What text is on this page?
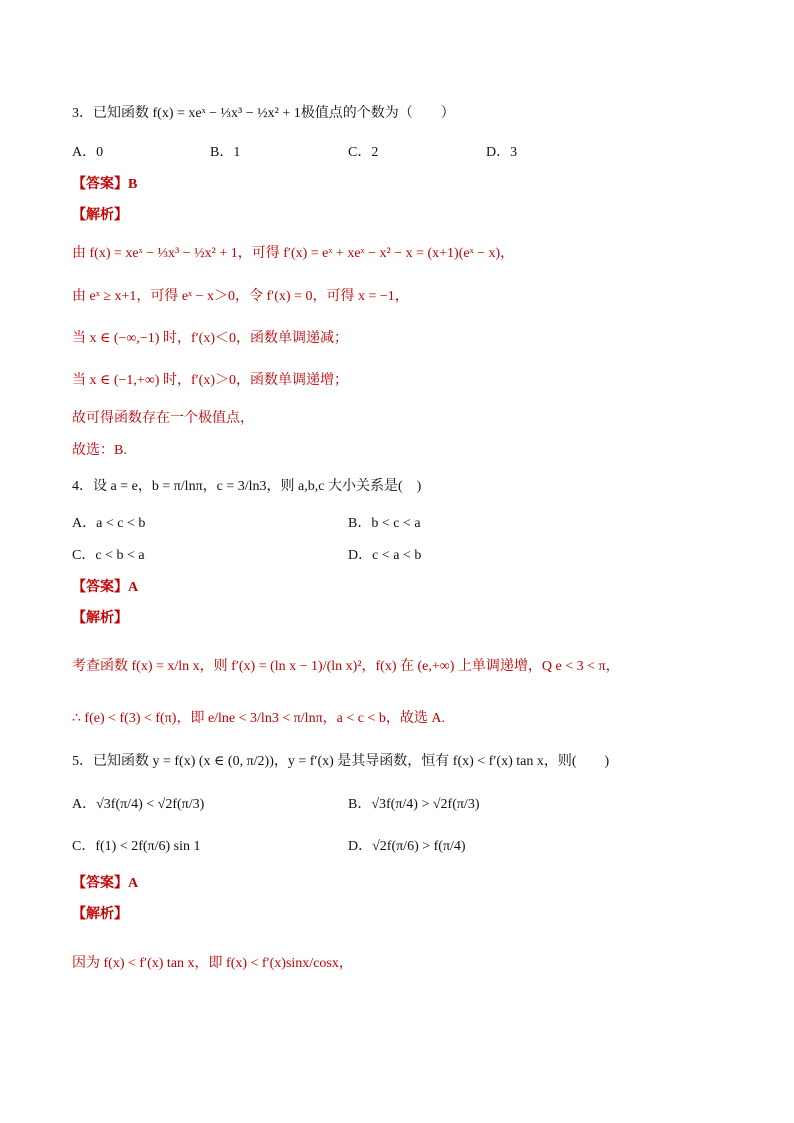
3．已知函数 f(x) = xeˣ − ⅓x³ − ½x² + 1极值点的个数为（　　）
A．0	B．1	C．2	D．3
【答案】B
【解析】
由 f(x) = xeˣ − ⅓x³ − ½x² + 1，可得 f′(x) = eˣ + xeˣ − x² − x = (x+1)(eˣ − x)，
由 eˣ ≥ x+1，可得 eˣ − x＞0，令 f′(x) = 0，可得 x = −1，
当 x ∈ (−∞,−1) 时，f′(x)＜0，函数单调递减；
当 x ∈ (−1,+∞) 时，f′(x)＞0，函数单调递增；
故可得函数存在一个极值点，
故选：B.
4．设 a = e，b = π/lnπ，c = 3/ln3，则 a,b,c 大小关系是(　)
A．a < c < b	B．b < c < a
C．c < b < a	D．c < a < b
【答案】A
【解析】
考查函数 f(x) = x/ln x，则 f′(x) = (ln x − 1)/(ln x)²，f(x) 在 (e,+∞) 上单调递增，Q e < 3 < π，
∴ f(e) < f(3) < f(π)，即 e/lne < 3/ln3 < π/lnπ，a < c < b，故选 A.
5．已知函数 y = f(x) (x ∈ (0, π/2))，y = f′(x) 是其导函数，恒有 f(x) < f′(x) tan x，则(　　)
A．√3f(π/4) < √2f(π/3)	B．√3f(π/4) > √2f(π/3)
C．f(1) < 2f(π/6) sin 1	D．√2f(π/6) > f(π/4)
【答案】A
【解析】
因为 f(x) < f′(x) tan x，即 f(x) < f′(x)sinx/cosx，
